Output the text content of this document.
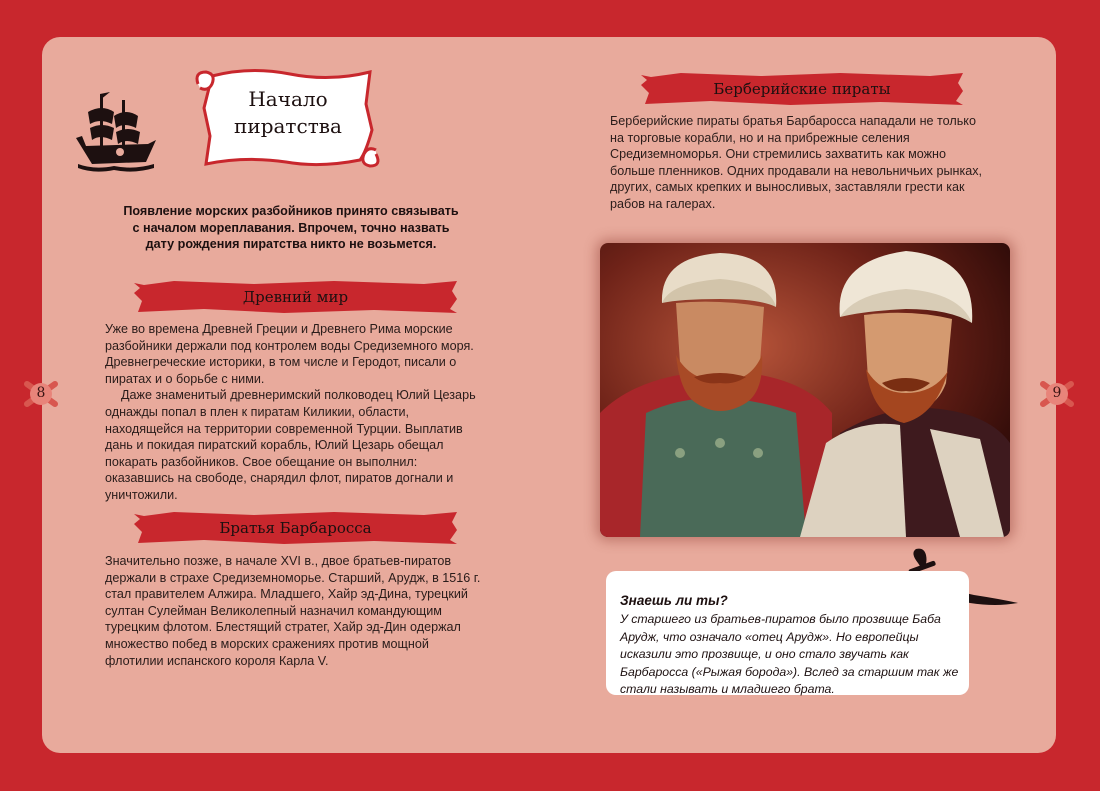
Начало
пиратства
Появление морских разбойников принято связывать с началом мореплавания. Впрочем, точно назвать дату рождения пиратства никто не возьмется.
Древний мир

Уже во времена Древней Греции и Древнего Рима морские разбойники держали под контролем воды Средиземного моря. Древнегреческие историки, в том числе и Геродот, писали о пиратах и о борьбе с ними.

Даже знаменитый древнеримский полководец Юлий Цезарь однажды попал в плен к пиратам Киликии, области, находящейся на территории современной Турции. Выплатив дань и покидая пиратский корабль, Юлий Цезарь обещал покарать разбойников. Свое обещание он выполнил: оказавшись на свободе, снарядил флот, пиратов догнали и уничтожили.

Братья Барбаросса

Значительно позже, в начале XVI в., двое братьев-пиратов держали в страхе Средиземноморье. Старший, Арудж, в 1516 г. стал правителем Алжира. Младшего, Хайр эд-Дина, турецкий султан Сулейман Великолепный назначил командующим турецким флотом. Блестящий стратег, Хайр эд-Дин одержал множество побед в морских сражениях против мощной флотилии испанского короля Карла V.

8	9
Берберийские пираты

Берберийские пираты братья Барбаросса нападали не только на торговые корабли, но и на прибрежные селения Средиземноморья. Они стремились захватить как можно больше пленников. Одних продавали на невольничьих рынках, других, самых крепких и выносливых, заставляли грести как рабов на галерах.

Знаешь ли ты?
У старшего из братьев-пиратов было прозвище Баба Арудж, что означало «отец Арудж». Но европейцы исказили это прозвище, и оно стало звучать как Барбаросса («Рыжая борода»). Вслед за старшим так же стали называть и младшего брата.
